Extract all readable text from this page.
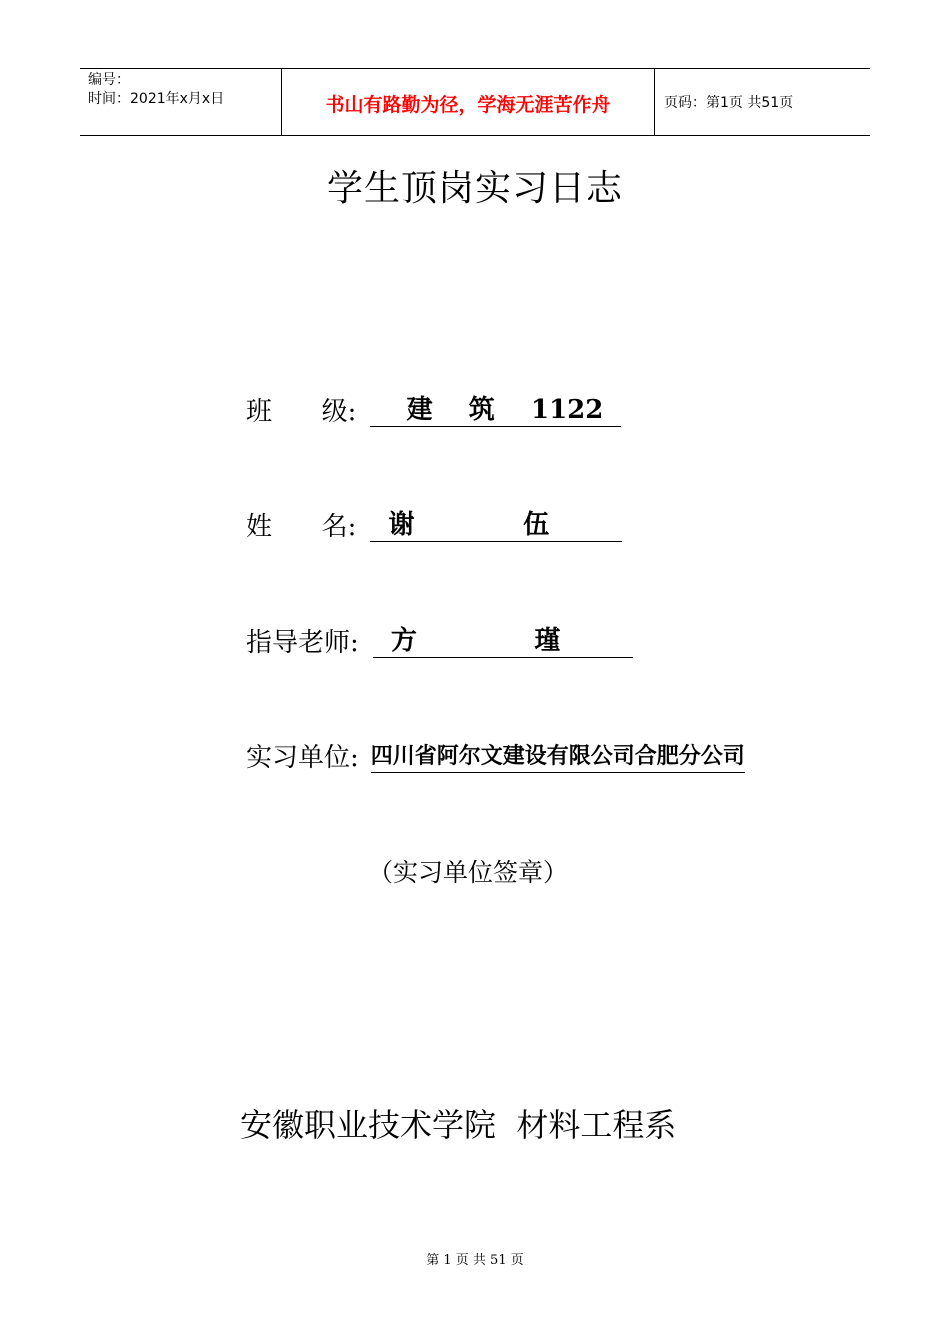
编号：
时间：2021年x月x日	书山有路勤为径，学海无涯苦作舟	页码：第1页 共51页
学生顶岗实习日志
班      级: 建    筑    1122
姓      名: 谢            伍
指导老师: 方             瑾
实习单位: 四川省阿尔文建设有限公司合肥分公司
（实习单位签章）
安徽职业技术学院  材料工程系
第 1 页 共 51 页
